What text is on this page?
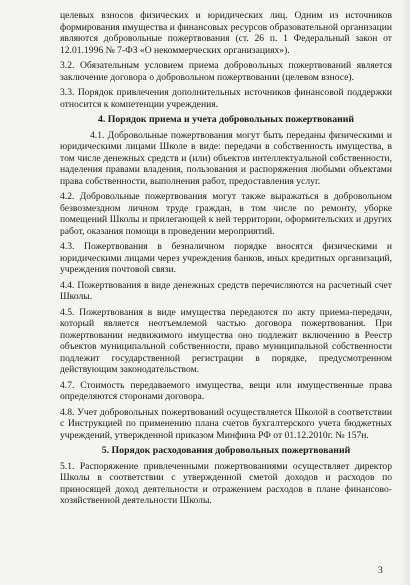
целевых взносов физических и юридических лиц. Одним из источников формирования имущества и финансовых ресурсов образовательной организации являются добровольные пожертвования (ст. 26 п. 1 Федеральный закон от 12.01.1996 № 7-ФЗ «О некоммерческих организациях»).

3.2. Обязательным условием приема добровольных пожертвований является заключение договора о добровольном пожертвовании (целевом взносе).

3.3. Порядок привлечения дополнительных источников финансовой поддержки относится к компетенции учреждения.

4. Порядок приема и учета добровольных пожертвований

4.1. Добровольные пожертвования могут быть переданы физическими и юридическими лицами Школе в виде: передачи в собственность имущества, в том числе денежных средств и (или) объектов интеллектуальной собственности, наделения правами владения, пользования и распоряжения любыми объектами права собственности, выполнения работ, предоставления услуг.

4.2. Добровольные пожертвования могут также выражаться в добровольном безвозмездном личном труде граждан, в том числе по ремонту, уборке помещений Школы и прилегающей к ней территории, оформительских и других работ, оказания помощи в проведении мероприятий.

4.3. Пожертвования в безналичном порядке вносятся физическими и юридическими лицами через учреждения банков, иных кредитных организаций, учреждения почтовой связи.

4.4. Пожертвования в виде денежных средств перечисляются на расчетный счет Школы.

4.5. Пожертвования в виде имущества передаются по акту приема-передачи, который является неотъемлемой частью договора пожертвования. При пожертвовании недвижимого имущества оно подлежит включению в Реестр объектов муниципальной собственности, право муниципальной собственности подлежит государственной регистрации в порядке, предусмотренном действующим законодательством.

4.7. Стоимость передаваемого имущества, вещи или имущественные права определяются сторонами договора.

4.8. Учет добровольных пожертвований осуществляется Школой в соответствии с Инструкцией по применению плана счетов бухгалтерского учета бюджетных учреждений, утвержденной приказом Минфина РФ от 01.12.2010г. № 157н.

5. Порядок расходования добровольных пожертвований

5.1. Распоряжение привлеченными пожертвованиями осуществляет директор Школы в соответствии с утвержденной сметой доходов и расходов по приносящей доход деятельности и отражением расходов в плане финансово-хозяйственной деятельности Школы.

3
